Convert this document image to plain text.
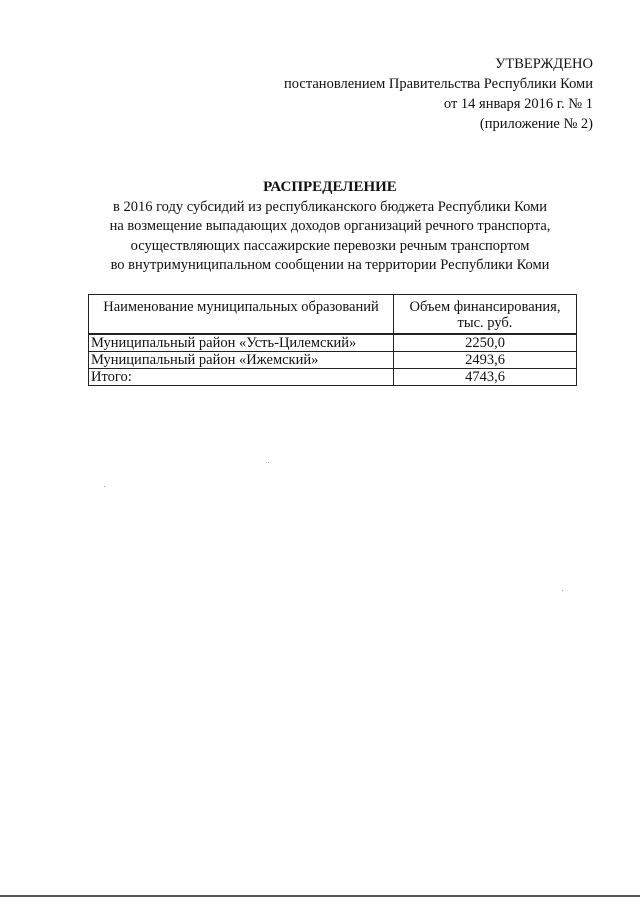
УТВЕРЖДЕНО
постановлением Правительства Республики Коми
от 14 января 2016 г. № 1
(приложение № 2)
РАСПРЕДЕЛЕНИЕ
в 2016 году субсидий из республиканского бюджета Республики Коми
на возмещение выпадающих доходов организаций речного транспорта,
осуществляющих пассажирские перевозки речным транспортом
во внутримуниципальном сообщении на территории Республики Коми
Наименование муниципальных образований	Объем финансирования,
тыс. руб.

Муниципальный район «Усть-Цилемский»	2250,0
Муниципальный район «Ижемский»	2493,6
Итого:	4743,6
